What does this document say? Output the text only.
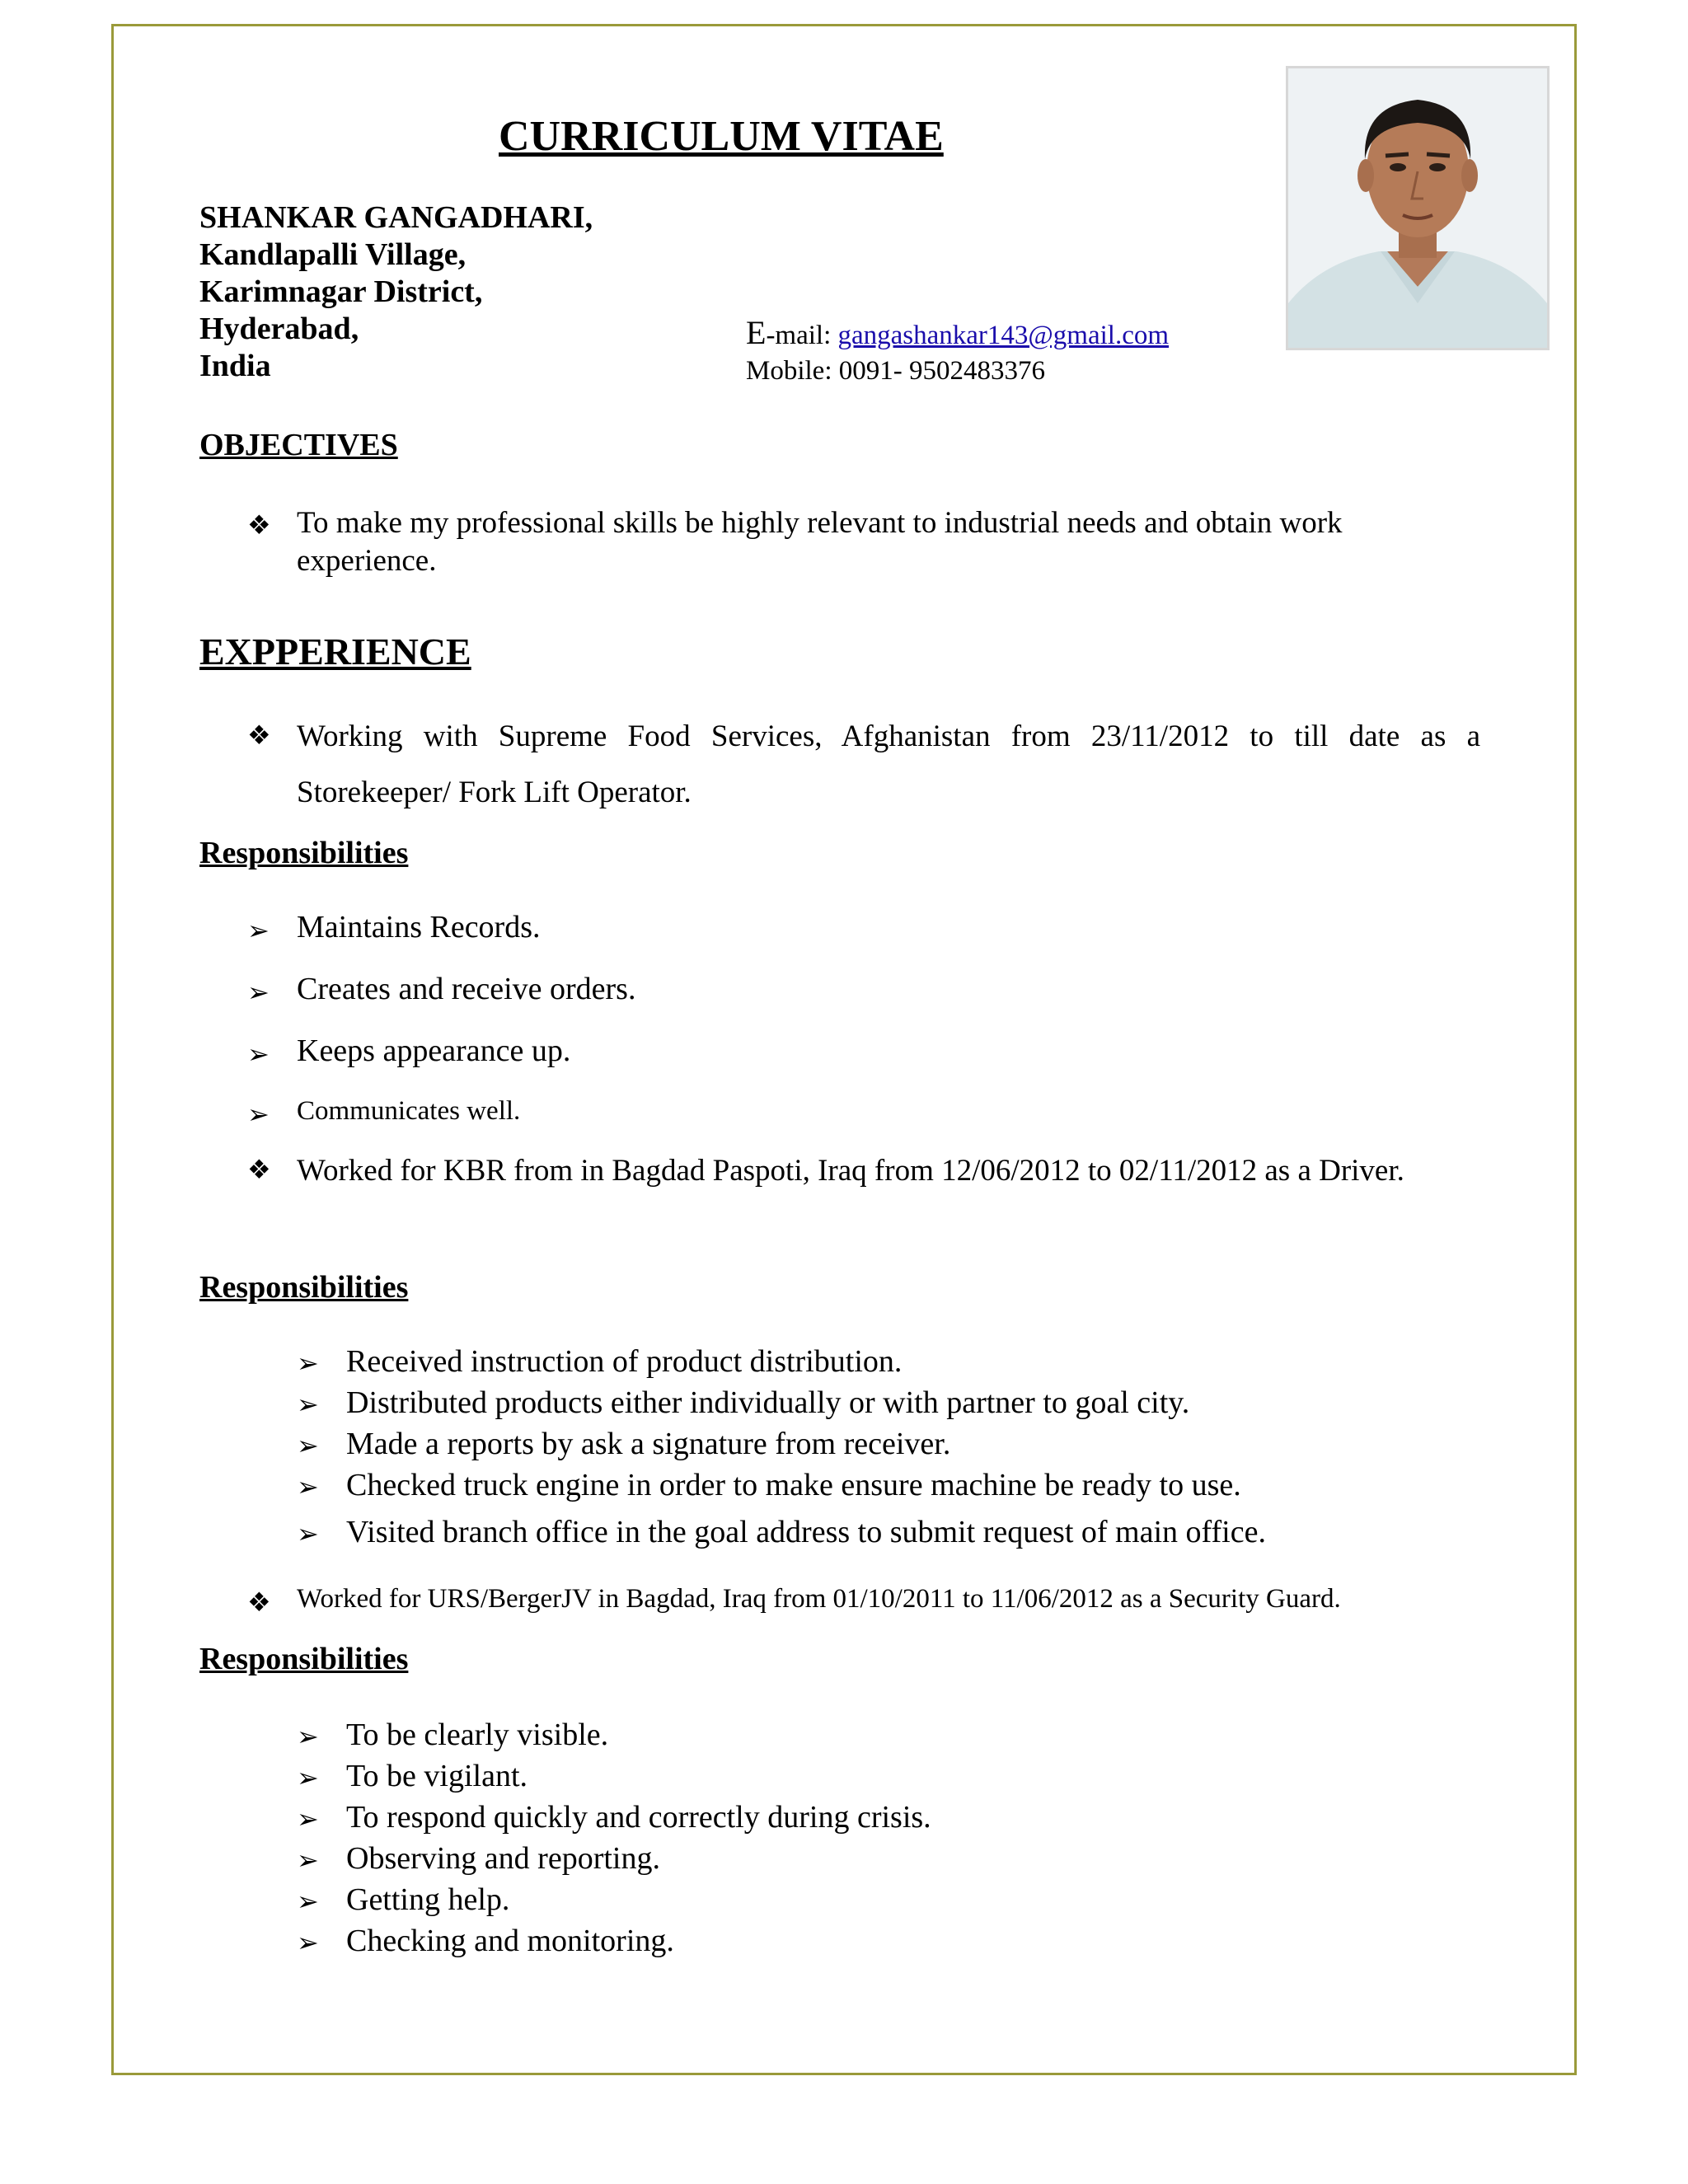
CURRICULUM VITAE
SHANKAR GANGADHARI,
Kandlapalli Village,
Karimnagar District,
Hyderabad,
India
E-mail: gangashankar143@gmail.com
Mobile: 0091- 9502483376
OBJECTIVES
❖ To make my professional skills be highly relevant to industrial needs and obtain work experience.
EXPPERIENCE
❖ Working with Supreme Food Services, Afghanistan from 23/11/2012 to till date as a Storekeeper/ Fork Lift Operator.
Responsibilities
➢ Maintains Records.
➢ Creates and receive orders.
➢ Keeps appearance up.
➢ Communicates well.
❖ Worked for KBR from in Bagdad Paspoti, Iraq from 12/06/2012 to 02/11/2012 as a Driver.
Responsibilities
➢ Received instruction of product distribution.
➢ Distributed products either individually or with partner to goal city.
➢ Made a reports by ask a signature from receiver.
➢ Checked truck engine in order to make ensure machine be ready to use.
➢ Visited branch office in the goal address to submit request of main office.
❖ Worked for URS/BergerJV in Bagdad, Iraq from 01/10/2011 to 11/06/2012 as a Security Guard.
Responsibilities
➢ To be clearly visible.
➢ To be vigilant.
➢ To respond quickly and correctly during crisis.
➢ Observing and reporting.
➢ Getting help.
➢ Checking and monitoring.
